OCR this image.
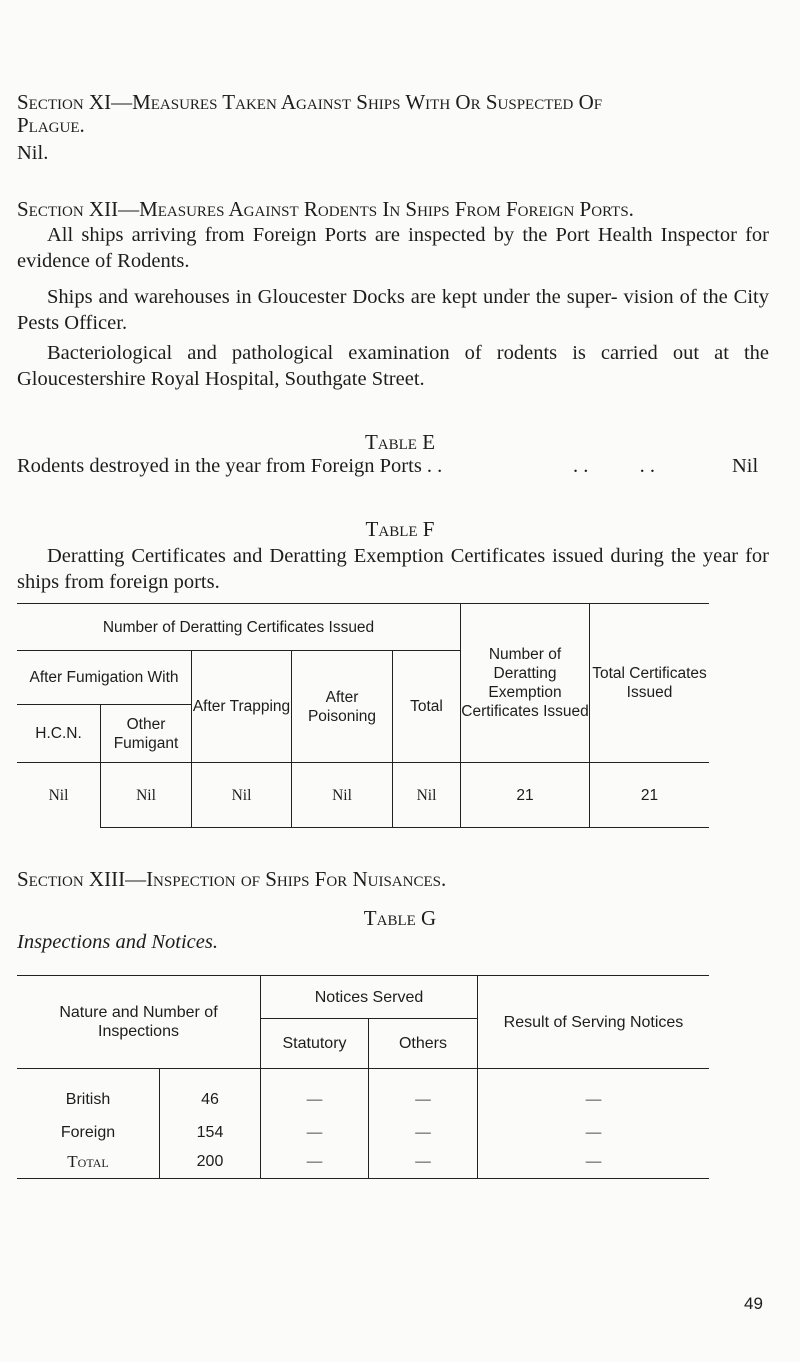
Section XI—Measures Taken Against Ships With Or Suspected Of
Plague.
Nil.
Section XII—Measures Against Rodents In Ships From Foreign Ports.
All ships arriving from Foreign Ports are inspected by the Port Health Inspector for evidence of Rodents.
Ships and warehouses in Gloucester Docks are kept under the super- vision of the City Pests Officer.
Bacteriological and pathological examination of rodents is carried out at the Gloucestershire Royal Hospital, Southgate Street.
Table E
Rodents destroyed in the year from Foreign Ports . .	. .          . .	Nil
Table F
Deratting Certificates and Deratting Exemption Certificates issued during the year for ships from foreign ports.
Number of Deratting Certificates Issued
After Fumigation With
H.C.N.
Other Fumigant
After Trapping
After Poisoning
Total
Number of Deratting Exemption Certificates Issued
Total Certificates Issued
Nil	Nil	Nil	Nil	Nil	21	21
Section XIII—Inspection of Ships For Nuisances.
Table G
Inspections and Notices.
Nature and Number of Inspections
Notices Served
Statutory	Others
Result of Serving Notices
British	46	—	—	—
Foreign	154	—	—	—
Total	200	—	—	—
49
